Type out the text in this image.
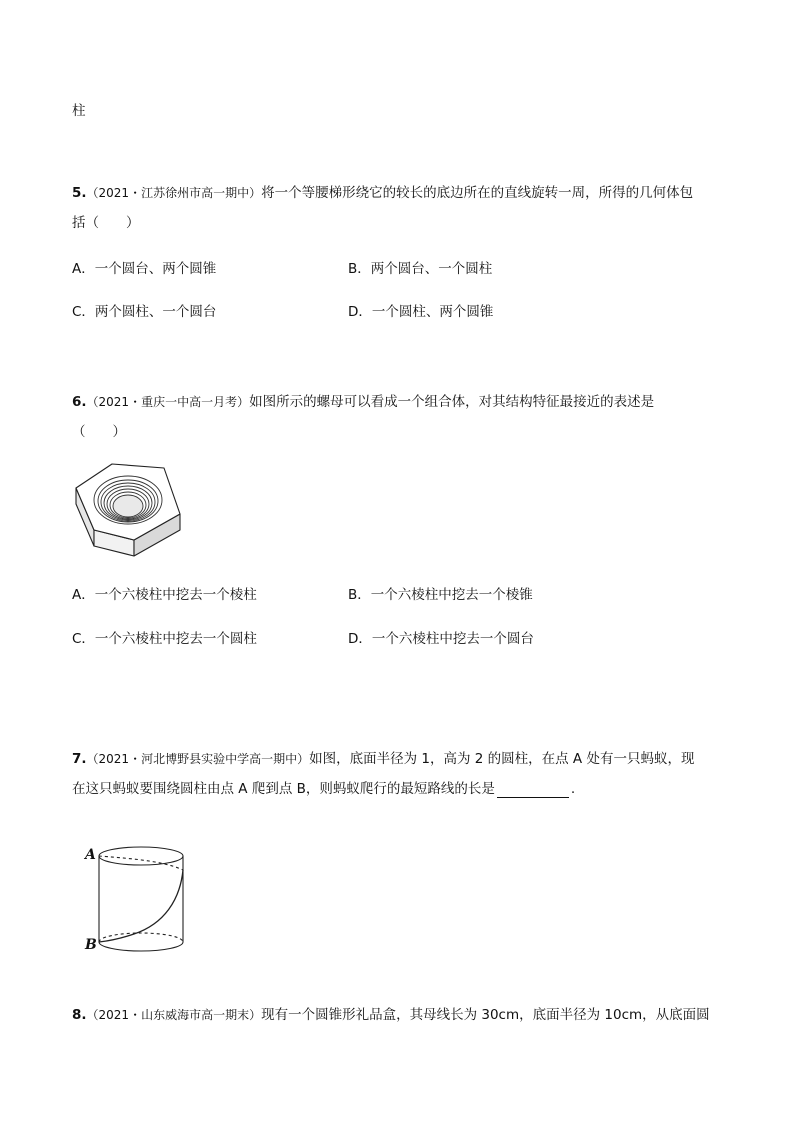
柱
5.（2021・江苏徐州市高一期中）将一个等腰梯形绕它的较长的底边所在的直线旋转一周，所得的几何体包
括（　　）
A．一个圆台、两个圆锥	B．两个圆台、一个圆柱
C．两个圆柱、一个圆台	D．一个圆柱、两个圆锥
6.（2021・重庆一中高一月考）如图所示的螺母可以看成一个组合体，对其结构特征最接近的表述是
（　　）
A．一个六棱柱中挖去一个棱柱	B．一个六棱柱中挖去一个棱锥
C．一个六棱柱中挖去一个圆柱	D．一个六棱柱中挖去一个圆台
7.（2021・河北博野县实验中学高一期中）如图，底面半径为 1，高为 2 的圆柱，在点 A 处有一只蚂蚁，现
在这只蚂蚁要围绕圆柱由点 A 爬到点 B，则蚂蚁爬行的最短路线的长是	.
A
B
8.（2021・山东威海市高一期末）现有一个圆锥形礼品盒，其母线长为 30cm，底面半径为 10cm，从底面圆
